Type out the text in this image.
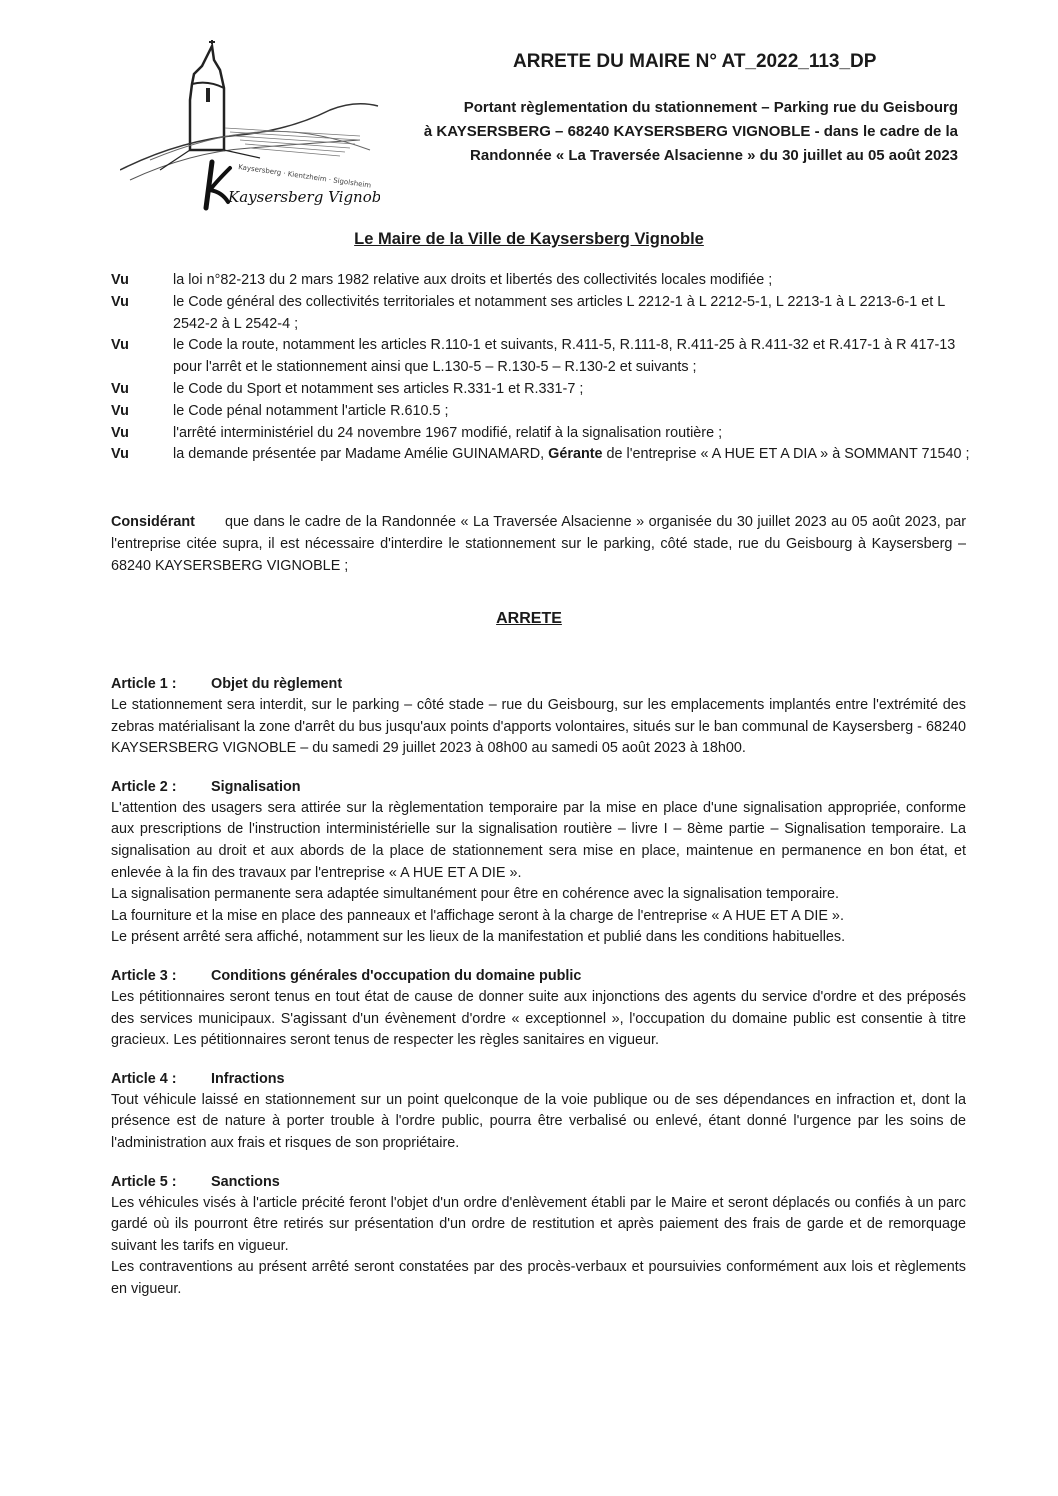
Kaysersberg · Kientzheim · Sigolsheim
Kaysersberg Vignoble
ARRETE DU MAIRE N° AT_2022_113_DP
Portant règlementation du stationnement – Parking rue du Geisbourg
à KAYSERSBERG – 68240 KAYSERSBERG VIGNOBLE - dans le cadre de la
Randonnée « La Traversée Alsacienne » du 30 juillet au 05 août 2023
Le Maire de la Ville de Kaysersberg Vignoble
Vu	la loi n°82-213 du 2 mars 1982 relative aux droits et libertés des collectivités locales modifiée ;
Vu	le Code général des collectivités territoriales et notamment ses articles L 2212-1 à L 2212-5-1, L 2213-1 à L 2213-6-1 et L 2542-2 à L 2542-4 ;
Vu	le Code la route, notamment les articles R.110-1 et suivants, R.411-5, R.111-8, R.411-25 à R.411-32 et R.417-1 à R 417-13 pour l'arrêt et le stationnement ainsi que L.130-5 – R.130-5 – R.130-2 et suivants ;
Vu	le Code du Sport et notamment ses articles R.331-1 et R.331-7 ;
Vu	le Code pénal notamment l'article R.610.5 ;
Vu	l'arrêté interministériel du 24 novembre 1967 modifié, relatif à la signalisation routière ;
Vu	la demande présentée par Madame Amélie GUINAMARD, Gérante de l'entreprise « A HUE ET A DIA » à SOMMANT 71540 ;
Considérant que dans le cadre de la Randonnée « La Traversée Alsacienne » organisée du 30 juillet 2023 au 05 août 2023, par l'entreprise citée supra, il est nécessaire d'interdire le stationnement sur le parking, côté stade, rue du Geisbourg à Kaysersberg – 68240 KAYSERSBERG VIGNOBLE ;
ARRETE
Article 1 : Objet du règlement

Le stationnement sera interdit, sur le parking – côté stade – rue du Geisbourg, sur les emplacements implantés entre l'extrémité des zebras matérialisant la zone d'arrêt du bus jusqu'aux points d'apports volontaires, situés sur le ban communal de Kaysersberg - 68240 KAYSERSBERG VIGNOBLE – du samedi 29 juillet 2023 à 08h00 au samedi 05 août 2023 à 18h00.

Article 2 : Signalisation

L'attention des usagers sera attirée sur la règlementation temporaire par la mise en place d'une signalisation appropriée, conforme aux prescriptions de l'instruction interministérielle sur la signalisation routière – livre I – 8ème partie – Signalisation temporaire. La signalisation au droit et aux abords de la place de stationnement sera mise en place, maintenue en permanence en bon état, et enlevée à la fin des travaux par l'entreprise « A HUE ET A DIE ».

La signalisation permanente sera adaptée simultanément pour être en cohérence avec la signalisation temporaire.

La fourniture et la mise en place des panneaux et l'affichage seront à la charge de l'entreprise « A HUE ET A DIE ».

Le présent arrêté sera affiché, notamment sur les lieux de la manifestation et publié dans les conditions habituelles.

Article 3 : Conditions générales d'occupation du domaine public

Les pétitionnaires seront tenus en tout état de cause de donner suite aux injonctions des agents du service d'ordre et des préposés des services municipaux. S'agissant d'un évènement d'ordre « exceptionnel », l'occupation du domaine public est consentie à titre gracieux. Les pétitionnaires seront tenus de respecter les règles sanitaires en vigueur.

Article 4 : Infractions

Tout véhicule laissé en stationnement sur un point quelconque de la voie publique ou de ses dépendances en infraction et, dont la présence est de nature à porter trouble à l'ordre public, pourra être verbalisé ou enlevé, étant donné l'urgence par les soins de l'administration aux frais et risques de son propriétaire.

Article 5 : Sanctions

Les véhicules visés à l'article précité feront l'objet d'un ordre d'enlèvement établi par le Maire et seront déplacés ou confiés à un parc gardé où ils pourront être retirés sur présentation d'un ordre de restitution et après paiement des frais de garde et de remorquage suivant les tarifs en vigueur.

Les contraventions au présent arrêté seront constatées par des procès-verbaux et poursuivies conformément aux lois et règlements en vigueur.
